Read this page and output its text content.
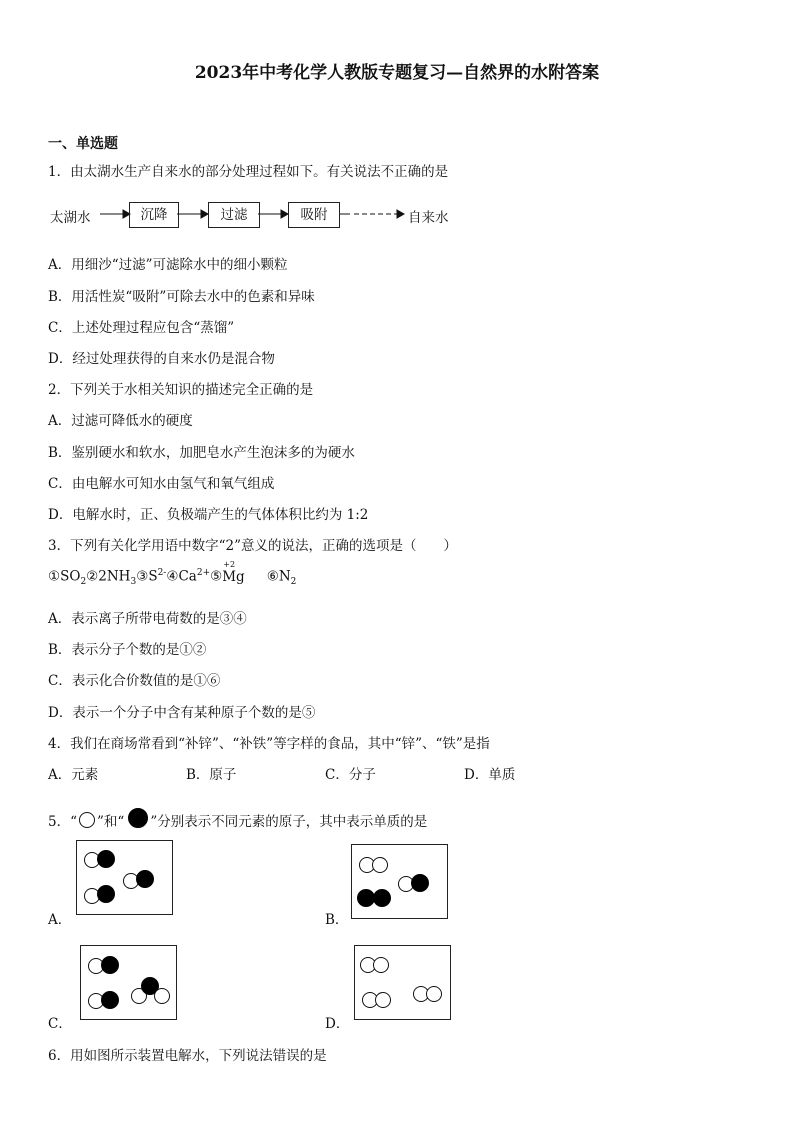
2023年中考化学人教版专题复习—自然界的水附答案
一、单选题
1．由太湖水生产自来水的部分处理过程如下。有关说法不正确的是
太湖水	沉降	过滤	吸附	自来水
A．用细沙“过滤”可滤除水中的细小颗粒
B．用活性炭“吸附”可除去水中的色素和异味
C．上述处理过程应包含“蒸馏”
D．经过处理获得的自来水仍是混合物
2．下列关于水相关知识的描述完全正确的是
A．过滤可降低水的硬度
B．鉴别硬水和软水，加肥皂水产生泡沫多的为硬水
C．由电解水可知水由氢气和氧气组成
D．电解水时，正、负极端产生的气体体积比约为 1:2
3．下列有关化学用语中数字“2”意义的说法，正确的选项是（　　）
$①SO_2②2NH_3③S^{2-}④Ca^{2+}⑤$
+2
Mg $⑥N_2$
A．表示离子所带电荷数的是③④
B．表示分子个数的是①②
C．表示化合价数值的是①⑥
D．表示一个分子中含有某种原子个数的是⑤
4．我们在商场常看到“补锌”、“补铁”等字样的食品，其中“锌”、“铁”是指
A．元素	B．原子	C．分子	D．单质
5．“ ”和“ ”分别表示不同元素的原子，其中表示单质的是
A．	B．
C．	D．
6．用如图所示装置电解水，下列说法错误的是
